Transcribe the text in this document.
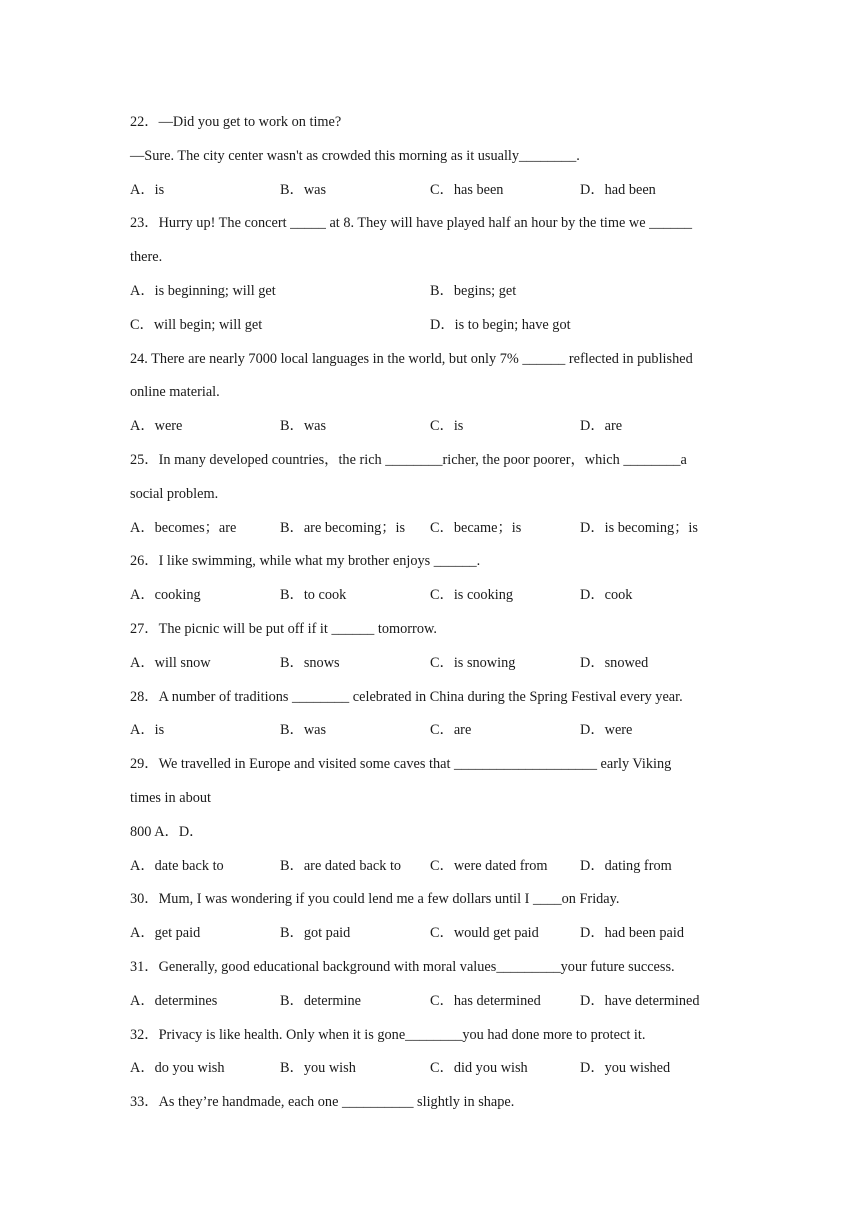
22．—Did you get to work on time?
—Sure. The city center wasn't as crowded this morning as it usually________.
A．is	B．was	C．has been	D．had been
23．Hurry up! The concert _____ at 8. They will have played half an hour by the time we ______
there.
A．is beginning; will get	B．begins; get
C．will begin; will get	D．is to begin; have got
24. There are nearly 7000 local languages in the world, but only 7% ______ reflected in published
online material.
A．were	B．was	C．is	D．are
25．In many developed countries，the rich ________richer, the poor poorer，which ________a
social problem.
A．becomes；are	B．are becoming；is	C．became；is	D．is becoming；is
26．I like swimming, while what my brother enjoys ______.
A．cooking	B．to cook	C．is cooking	D．cook
27．The picnic will be put off if it ______ tomorrow.
A．will snow	B．snows	C．is snowing	D．snowed
28．A number of traditions ________ celebrated in China during the Spring Festival every year.
A．is	B．was	C．are	D．were
29．We travelled in Europe and visited some caves that ____________________ early Viking
times in about
800 A．D．
A．date back to	B．are dated back to	C．were dated from	D．dating from
30．Mum, I was wondering if you could lend me a few dollars until I ____on Friday.
A．get paid	B．got paid	C．would get paid	D．had been paid
31．Generally, good educational background with moral values_________your future success.
A．determines	B．determine	C．has determined	D．have determined
32．Privacy is like health. Only when it is gone________you had done more to protect it.
A．do you wish	B．you wish	C．did you wish	D．you wished
33．As they’re handmade, each one __________ slightly in shape.
